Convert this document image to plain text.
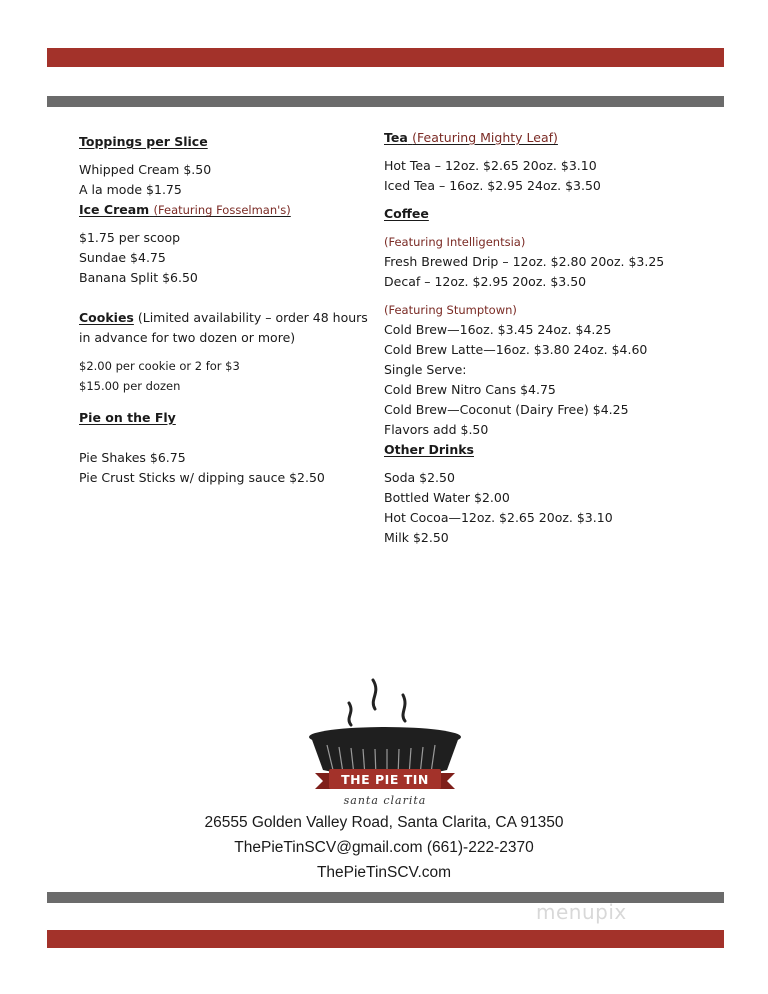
Toppings per Slice
Whipped Cream $.50
A la mode $1.75
Ice Cream (Featuring Fosselman's)
$1.75 per scoop
Sundae $4.75
Banana Split $6.50
Cookies (Limited availability – order 48 hours
in advance for two dozen or more)
$2.00 per cookie or 2 for $3
$15.00 per dozen
Pie on the Fly
Pie Shakes $6.75
Pie Crust Sticks w/ dipping sauce $2.50
Tea (Featuring Mighty Leaf)
Hot Tea – 12oz. $2.65 20oz. $3.10
Iced Tea – 16oz. $2.95 24oz. $3.50
Coffee
(Featuring Intelligentsia)
Fresh Brewed Drip – 12oz. $2.80 20oz. $3.25
Decaf – 12oz. $2.95 20oz. $3.50
(Featuring Stumptown)
Cold Brew—16oz. $3.45 24oz. $4.25
Cold Brew Latte—16oz. $3.80 24oz. $4.60
Single Serve:
Cold Brew Nitro Cans $4.75
Cold Brew—Coconut (Dairy Free) $4.25
Flavors add $.50
Other Drinks
Soda $2.50
Bottled Water $2.00
Hot Cocoa—12oz. $2.65 20oz. $3.10
Milk $2.50
THE PIE TIN
santa clarita
26555 Golden Valley Road, Santa Clarita, CA 91350
ThePieTinSCV@gmail.com (661)-222-2370
ThePieTinSCV.com
menupix
